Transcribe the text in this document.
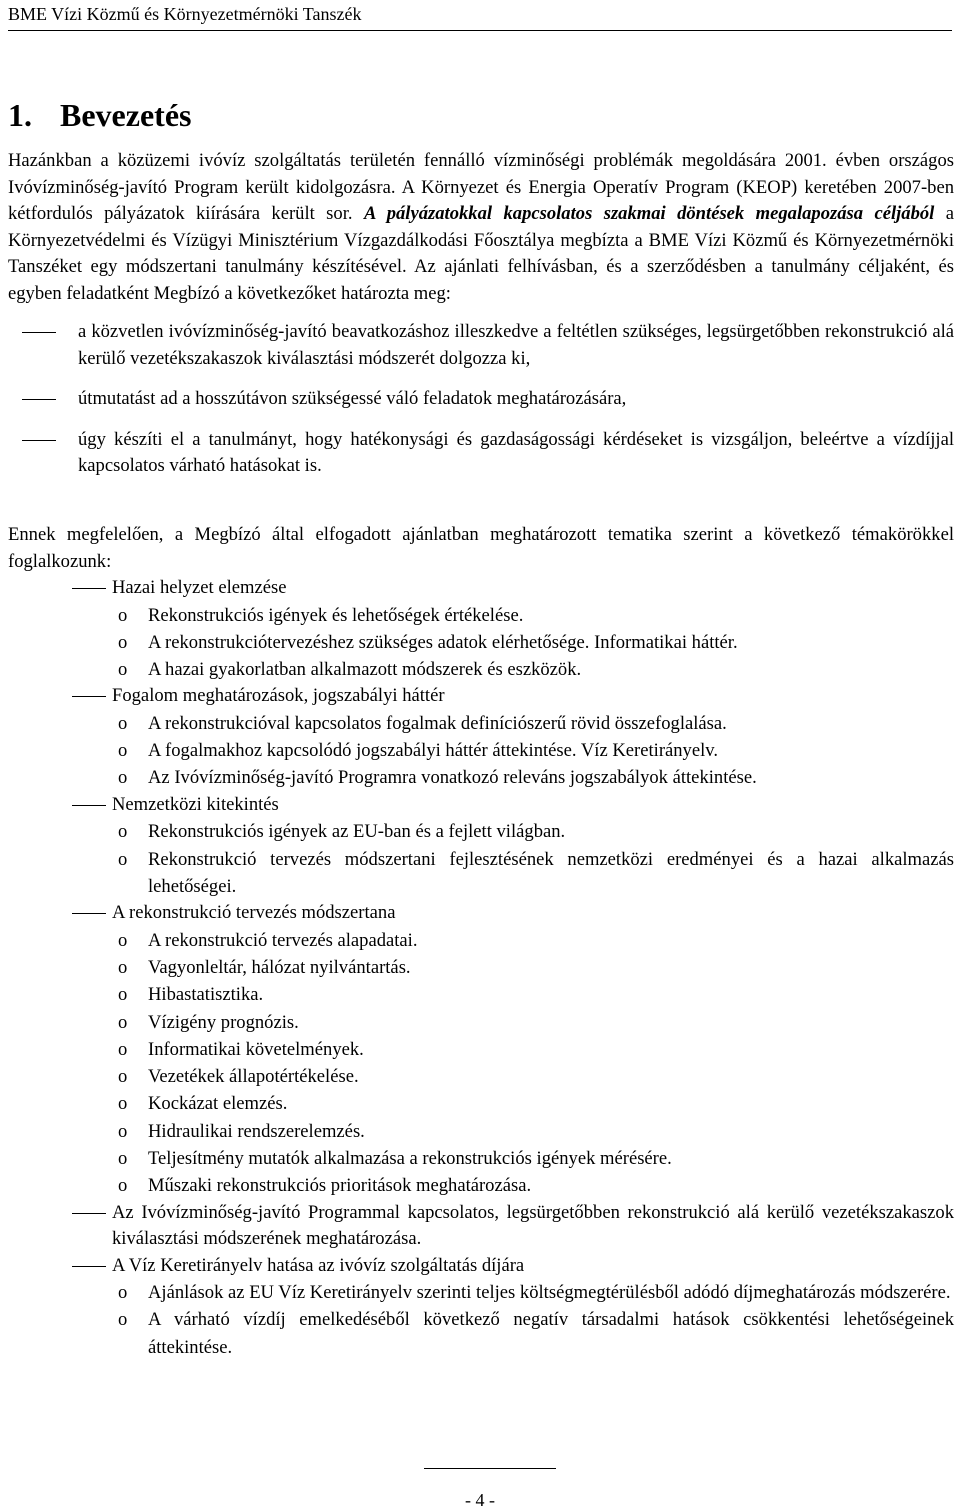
BME Vízi Közmű és Környezetmérnöki Tanszék
1. Bevezetés

Hazánkban a közüzemi ivóvíz szolgáltatás területén fennálló vízminőségi problémák megoldására 2001. évben országos Ivóvízminőség-javító Program került kidolgozásra. A Környezet és Energia Operatív Program (KEOP) keretében 2007-ben kétfordulós pályázatok kiírására került sor. A pályázatokkal kapcsolatos szakmai döntések megalapozása céljából a Környezetvédelmi és Vízügyi Minisztérium Vízgazdálkodási Főosztálya megbízta a BME Vízi Közmű és Környezetmérnöki Tanszéket egy módszertani tanulmány készítésével. Az ajánlati felhívásban, és a szerződésben a tanulmány céljaként, és egyben feladatként Megbízó a következőket határozta meg:

a közvetlen ivóvízminőség-javító beavatkozáshoz illeszkedve a feltétlen szükséges, legsürgetőbben rekonstrukció alá kerülő vezetékszakaszok kiválasztási módszerét dolgozza ki,
útmutatást ad a hosszútávon szükségessé váló feladatok meghatározására,
úgy készíti el a tanulmányt, hogy hatékonysági és gazdaságossági kérdéseket is vizsgáljon, beleértve a vízdíjjal kapcsolatos várható hatásokat is.

Ennek megfelelően, a Megbízó által elfogadott ajánlatban meghatározott tematika szerint a következő témakörökkel foglalkozunk:

Hazai helyzet elemzése
o Rekonstrukciós igények és lehetőségek értékelése.
o A rekonstrukciótervezéshez szükséges adatok elérhetősége. Informatikai háttér.
o A hazai gyakorlatban alkalmazott módszerek és eszközök.
Fogalom meghatározások, jogszabályi háttér
o A rekonstrukcióval kapcsolatos fogalmak definíciószerű rövid összefoglalása.
o A fogalmakhoz kapcsolódó jogszabályi háttér áttekintése. Víz Keretirányelv.
o Az Ivóvízminőség-javító Programra vonatkozó releváns jogszabályok áttekintése.
Nemzetközi kitekintés
o Rekonstrukciós igények az EU-ban és a fejlett világban.
o Rekonstrukció tervezés módszertani fejlesztésének nemzetközi eredményei és a hazai alkalmazás lehetőségei.
A rekonstrukció tervezés módszertana
o A rekonstrukció tervezés alapadatai.
o Vagyonleltár, hálózat nyilvántartás.
o Hibastatisztika.
o Vízigény prognózis.
o Informatikai követelmények.
o Vezetékek állapotértékelése.
o Kockázat elemzés.
o Hidraulikai rendszerelemzés.
o Teljesítmény mutatók alkalmazása a rekonstrukciós igények mérésére.
o Műszaki rekonstrukciós prioritások meghatározása.
Az Ivóvízminőség-javító Programmal kapcsolatos, legsürgetőbben rekonstrukció alá kerülő vezetékszakaszok kiválasztási módszerének meghatározása.
A Víz Keretirányelv hatása az ivóvíz szolgáltatás díjára
o Ajánlások az EU Víz Keretirányelv szerinti teljes költségmegtérülésből adódó díjmeghatározás módszerére.
o A várható vízdíj emelkedéséből következő negatív társadalmi hatások csökkentési lehetőségeinek áttekintése.
- 4 -
